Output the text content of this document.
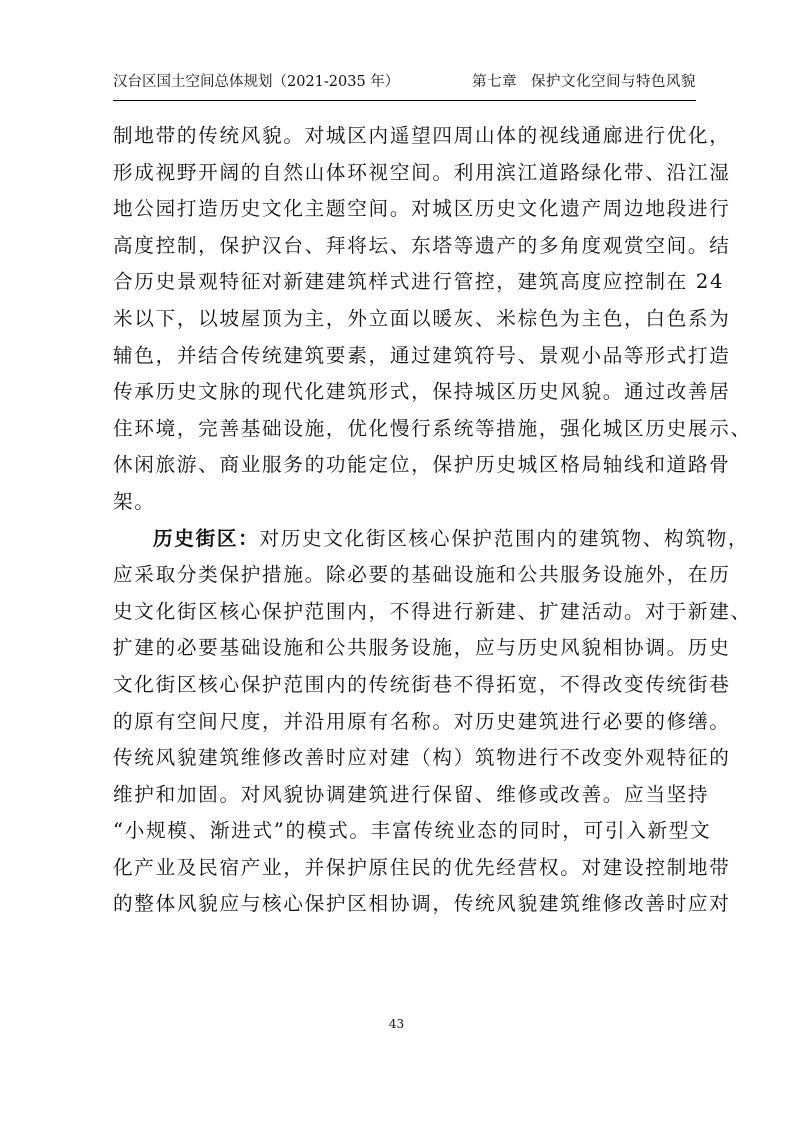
汉台区国土空间总体规划（2021-2035 年）	第七章 保护文化空间与特色风貌
制地带的传统风貌。对城区内遥望四周山体的视线通廊进行优化，
形成视野开阔的自然山体环视空间。利用滨江道路绿化带、沿江湿
地公园打造历史文化主题空间。对城区历史文化遗产周边地段进行
高度控制，保护汉台、拜将坛、东塔等遗产的多角度观赏空间。结
合历史景观特征对新建建筑样式进行管控，建筑高度应控制在 24
米以下，以坡屋顶为主，外立面以暖灰、米棕色为主色，白色系为
辅色，并结合传统建筑要素，通过建筑符号、景观小品等形式打造
传承历史文脉的现代化建筑形式，保持城区历史风貌。通过改善居
住环境，完善基础设施，优化慢行系统等措施，强化城区历史展示、
休闲旅游、商业服务的功能定位，保护历史城区格局轴线和道路骨
架。
历史街区：对历史文化街区核心保护范围内的建筑物、构筑物，
应采取分类保护措施。除必要的基础设施和公共服务设施外，在历
史文化街区核心保护范围内，不得进行新建、扩建活动。对于新建、
扩建的必要基础设施和公共服务设施，应与历史风貌相协调。历史
文化街区核心保护范围内的传统街巷不得拓宽，不得改变传统街巷
的原有空间尺度，并沿用原有名称。对历史建筑进行必要的修缮。
传统风貌建筑维修改善时应对建（构）筑物进行不改变外观特征的
维护和加固。对风貌协调建筑进行保留、维修或改善。应当坚持
“小规模、渐进式”的模式。丰富传统业态的同时，可引入新型文
化产业及民宿产业，并保护原住民的优先经营权。对建设控制地带
的整体风貌应与核心保护区相协调，传统风貌建筑维修改善时应对
43
